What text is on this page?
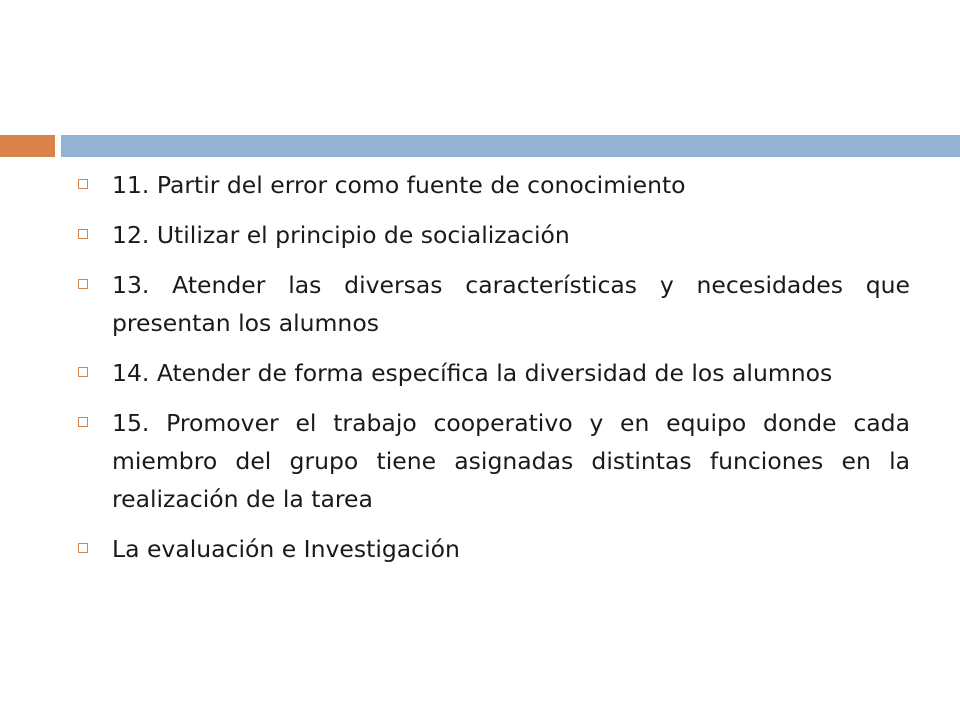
11. Partir del error como fuente de conocimiento
12. Utilizar el principio de socialización
13. Atender las diversas características y necesidades que presentan los alumnos
14. Atender de forma específica la diversidad de los alumnos
15. Promover el trabajo cooperativo y en equipo donde cada miembro del grupo tiene asignadas distintas funciones en la realización de la tarea
La evaluación e Investigación
